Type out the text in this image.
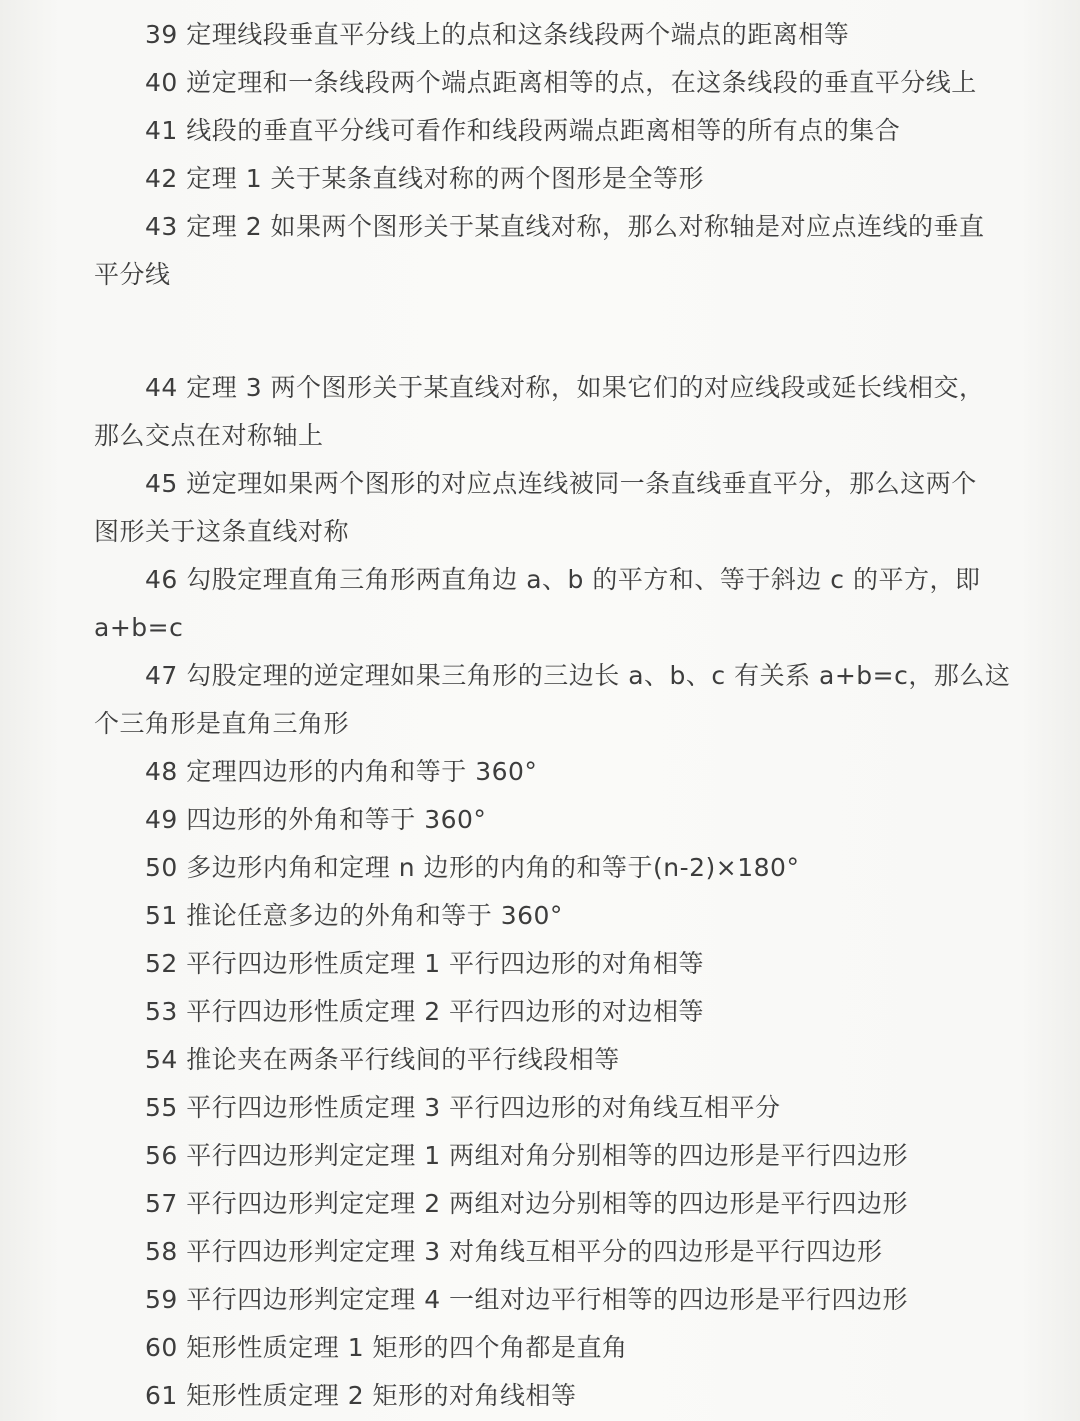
39 定理线段垂直平分线上的点和这条线段两个端点的距离相等
40 逆定理和一条线段两个端点距离相等的点，在这条线段的垂直平分线上
41 线段的垂直平分线可看作和线段两端点距离相等的所有点的集合
42 定理 1 关于某条直线对称的两个图形是全等形
43 定理 2 如果两个图形关于某直线对称，那么对称轴是对应点连线的垂直
平分线
44 定理 3 两个图形关于某直线对称，如果它们的对应线段或延长线相交，
那么交点在对称轴上
45 逆定理如果两个图形的对应点连线被同一条直线垂直平分，那么这两个
图形关于这条直线对称
46 勾股定理直角三角形两直角边 a、b 的平方和、等于斜边 c 的平方，即
a+b=c
47 勾股定理的逆定理如果三角形的三边长 a、b、c 有关系 a+b=c，那么这
个三角形是直角三角形
48 定理四边形的内角和等于 360°
49 四边形的外角和等于 360°
50 多边形内角和定理 n 边形的内角的和等于(n-2)×180°
51 推论任意多边的外角和等于 360°
52 平行四边形性质定理 1 平行四边形的对角相等
53 平行四边形性质定理 2 平行四边形的对边相等
54 推论夹在两条平行线间的平行线段相等
55 平行四边形性质定理 3 平行四边形的对角线互相平分
56 平行四边形判定定理 1 两组对角分别相等的四边形是平行四边形
57 平行四边形判定定理 2 两组对边分别相等的四边形是平行四边形
58 平行四边形判定定理 3 对角线互相平分的四边形是平行四边形
59 平行四边形判定定理 4 一组对边平行相等的四边形是平行四边形
60 矩形性质定理 1 矩形的四个角都是直角
61 矩形性质定理 2 矩形的对角线相等
